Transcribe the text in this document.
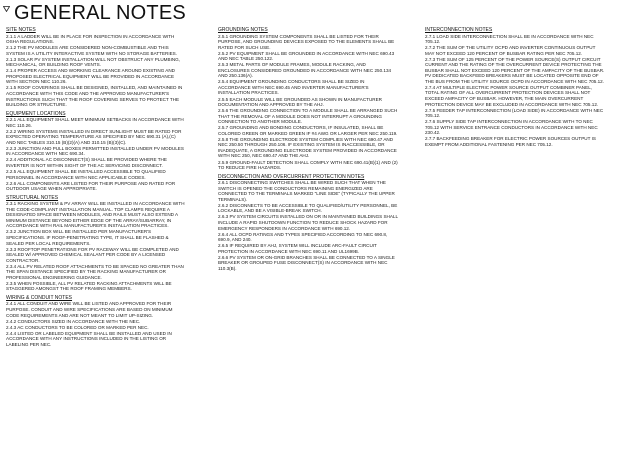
GENERAL NOTES
SITE NOTES
2.1.1 A LADDER WILL BE IN PLACE FOR INSPECTION IN ACCORDANCE WITH OSHA REGULATIONS.
2.1.2 THE PV MODULES ARE CONSIDERED NON-COMBUSTIBLE AND THIS SYSTEM IS A UTILITY INTERACTIVE SYSTEM WITH NO STORAGE BATTERIES.
2.1.3 SOLAR PV SYSTEM INSTALLATION WILL NOT OBSTRUCT ANY PLUMBING, MECHANICAL, OR BUILDING ROOF VENTS.
2.1.4 PROPER ACCESS AND WORKING CLEARANCE AROUND EXISTING AND PROPOSED ELECTRICAL EQUIPMENT WILL BE PROVIDED IN ACCORDANCE WITH SECTION NEC 110.26.
2.1.5 ROOF COVERINGS SHALL BE DESIGNED, INSTALLED, AND MAINTAINED IN ACCORDANCE WITH THIS CODE AND THE APPROVED MANUFACTURER'S INSTRUCTIONS SUCH THAT THE ROOF COVERING SERVES TO PROTECT THE BUILDING OR STRUCTURE.
EQUIPMENT LOCATIONS
2.2.1 ALL EQUIPMENT SHALL MEET MINIMUM SETBACKS IN ACCORDANCE WITH NEC 110.26.
2.2.2 WIRING SYSTEMS INSTALLED IN DIRECT SUNLIGHT MUST BE RATED FOR EXPECTED OPERATING TEMPERATURE AS SPECIFIED BY NEC 690.31 (A),(C) AND NEC TABLES 310.15 (B)(2)(A) AND 310.15 (B)(3)(C).
2.2.3 JUNCTION AND PULL BOXES PERMITTED INSTALLED UNDER PV MODULES IN ACCORDANCE WITH NEC 690.34.
2.2.4 ADDITIONAL AC DISCONNECT(S) SHALL BE PROVIDED WHERE THE INVERTER IS NOT WITHIN SIGHT OF THE AC SERVICING DISCONNECT.
2.2.5 ALL EQUIPMENT SHALL BE INSTALLED ACCESSIBLE TO QUALIFIED PERSONNEL IN ACCORDANCE WITH NEC APPLICABLE CODES.
2.2.6 ALL COMPONENTS ARE LISTED FOR THEIR PURPOSE AND RATED FOR OUTDOOR USAGE WHEN APPROPRIATE.
STRUCTURAL NOTES
2.3.1 RACKING SYSTEM & PV ARRAY WILL BE INSTALLED IN ACCORDANCE WITH THE CODE-COMPLIANT INSTALLATION MANUAL. TOP CLAMPS REQUIRE A DESIGNATED SPACE BETWEEN MODULES, AND RAILS MUST ALSO EXTEND A MINIMUM DISTANCE BEYOND EITHER EDGE OF THE ARRAY/SUBARRAY, IN ACCORDANCE WITH RAIL MANUFACTURER'S INSTALLATION PRACTICES.
2.3.2 JUNCTION BOX WILL BE INSTALLED PER MANUFACTURER'S SPECIFICATIONS. IF ROOF-PENETRATING TYPE, IT SHALL BE FLASHED & SEALED PER LOCAL REQUIREMENTS.
2.3.3 ROOFTOP PENETRATIONS FOR PV RACEWAY WILL BE COMPLETED AND SEALED W/ APPROVED CHEMICAL SEALANT PER CODE BY A LICENSED CONTRACTOR.
2.3.4 ALL PV RELATED ROOF ATTACHMENTS TO BE SPACED NO GREATER THAN THE SPAN DISTANCE SPECIFIED BY THE RACKING MANUFACTURER OR PROFESSIONAL ENGINEERING GUIDANCE.
2.3.5 WHEN POSSIBLE, ALL PV RELATED RACKING ATTACHMENTS WILL BE STAGGERED AMONGST THE ROOF FRAMING MEMBERS.
WIRING & CONDUIT NOTES
2.4.1 ALL CONDUIT AND WIRE WILL BE LISTED AND APPROVED FOR THEIR PURPOSE. CONDUIT AND WIRE SPECIFICATIONS ARE BASED ON MINIMUM CODE REQUIREMENTS AND ARE NOT MEANT TO LIMIT UP-SIZING.
2.4.2 CONDUCTORS SIZED IN ACCORDANCE WITH THE NEC.
2.4.3 AC CONDUCTORS TO BE COLORED OR MARKED PER NEC.
2.4.4 LISTED OR LABELED EQUIPMENT SHALL BE INSTALLED AND USED IN ACCORDANCE WITH ANY INSTRUCTIONS INCLUDED IN THE LISTING OR LABELING PER NEC.
GROUNDING NOTES
2.5.1 GROUNDING SYSTEM COMPONENTS SHALL BE LISTED FOR THEIR PURPOSE, AND GROUNDING DEVICES EXPOSED TO THE ELEMENTS SHALL BE RATED FOR SUCH USE.
2.5.2 PV EQUIPMENT SHALL BE GROUNDED IN ACCORDANCE WITH NEC 690.43 AND NEC TABLE 250.122.
2.5.3 METAL PARTS OF MODULE FRAMES, MODULE RACKING, AND ENCLOSURES CONSIDERED GROUNDED IN ACCORDANCE WITH NEC 250.134 AND 250.136(A).
2.5.4 EQUIPMENT GROUNDING CONDUCTORS SHALL BE SIZED IN ACCORDANCE WITH NEC 690.45 AND INVERTER MANUFACTURER'S INSTALLATION PRACTICES.
2.5.5 EACH MODULE WILL BE GROUNDED AS SHOWN IN MANUFACTURER DOCUMENTATION AND APPROVED BY THE AHJ.
2.5.6 THE GROUNDING CONNECTION TO A MODULE SHALL BE ARRANGED SUCH THAT THE REMOVAL OF A MODULE DOES NOT INTERRUPT A GROUNDING CONNECTION TO ANOTHER MODULE.
2.5.7 GROUNDING AND BONDING CONDUCTORS, IF INSULATED, SHALL BE COLORED GREEN OR MARKED GREEN IF #4 AWG OR LARGER PER NEC 250.119.
2.5.8 THE GROUNDING ELECTRODE SYSTEM COMPLIES WITH NEC 690.47 AND NEC 250.50 THROUGH 250.106. IF EXISTING SYSTEM IS INACCESSIBLE, OR INADEQUATE, A GROUNDING ELECTRODE SYSTEM PROVIDED IN ACCORDANCE WITH NEC 250, NEC 690.47 AND THE AHJ.
2.5.9 GROUND-FAULT DETECTION SHALL COMPLY WITH NEC 690.41(B)(1) AND (2) TO REDUCE FIRE HAZARDS.
DISCONNECTION AND OVERCURRENT PROTECTION NOTES
2.6.1 DISCONNECTING SWITCHES SHALL BE WIRED SUCH THAT WHEN THE SWITCH IS OPENED THE CONDUCTORS REMAINING ENERGIZED ARE CONNECTED TO THE TERMINALS MARKED "LINE SIDE" (TYPICALLY THE UPPER TERMINALS).
2.6.2 DISCONNECTS TO BE ACCESSIBLE TO QUALIFIED/UTILITY PERSONNEL, BE LOCKABLE, AND BE A VISIBLE-BREAK SWITCH.
2.6.3 PV SYSTEM CIRCUITS INSTALLED ON OR IN MAINTAINED BUILDINGS SHALL INCLUDE A RAPID SHUTDOWN FUNCTION TO REDUCE SHOCK HAZARD FOR EMERGENCY RESPONDERS IN ACCORDANCE WITH 690.12.
2.6.4 ALL OCPD RATINGS AND TYPES SPECIFIED ACCORDING TO NEC 690.8, 690.9, AND 240.
2.6.5 IF REQUIRED BY AHJ, SYSTEM WILL INCLUDE ARC-FAULT CIRCUIT PROTECTION IN ACCORDANCE WITH NEC 690.11 AND UL1699B.
2.6.6 PV SYSTEM OR ON-GRID BRANCHES SHALL BE CONNECTED TO A SINGLE BREAKER OR GROUPED FUSE DISCONNECT(S) IN ACCORDANCE WITH NEC 110.3(B).
INTERCONNECTION NOTES
2.7.1 LOAD SIDE INTERCONNECTION SHALL BE IN ACCORDANCE WITH NEC 705.12.
2.7.2 THE SUM OF THE UTILITY OCPD AND INVERTER CONTINUOUS OUTPUT MAY NOT EXCEED 120 PERCENT OF BUSBAR RATING PER NEC 705.12.
2.7.3 THE SUM OF 125 PERCENT OF THE POWER SOURCE(S) OUTPUT CIRCUIT CURRENT AND THE RATING OF THE OVERCURRENT DEVICE PROTECTING THE BUSBAR SHALL NOT EXCEED 120 PERCENT OF THE AMPACITY OF THE BUSBAR. PV DEDICATED BACKFEED BREAKERS MUST BE LOCATED OPPOSITE END OF THE BUS FROM THE UTILITY SOURCE OCPD IN ACCORDANCE WITH NEC 705.12.
2.7.4 AT MULTIPLE ELECTRIC POWER SOURCE OUTPUT COMBINER PANEL, TOTAL RATING OF ALL OVERCURRENT PROTECTION DEVICES SHALL NOT EXCEED AMPACITY OF BUSBAR. HOWEVER, THE MAIN OVERCURRENT PROTECTION DEVICE MAY BE EXCLUDED IN ACCORDANCE WITH NEC 705.12.
2.7.5 FEEDER TAP INTERCONNECTION (LOAD SIDE) IN ACCORDANCE WITH NEC 705.12.
2.7.6 SUPPLY SIDE TAP INTERCONNECTION IN ACCORDANCE WITH TO NEC 705.12 WITH SERVICE ENTRANCE CONDUCTORS IN ACCORDANCE WITH NEC 230.42.
2.7.7 BACKFEEDING BREAKER FOR ELECTRIC POWER SOURCES OUTPUT IS EXEMPT FROM ADDITIONAL FASTENING PER NEC 705.12.
